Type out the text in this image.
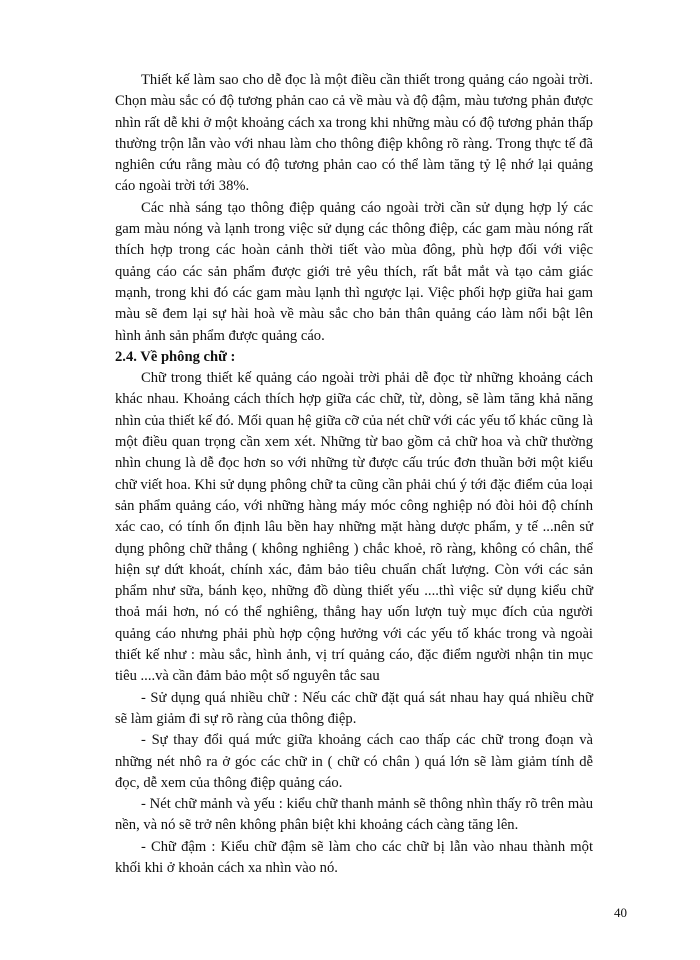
Thiết kế làm sao cho dễ đọc là một điều cần thiết trong quảng cáo ngoài trời. Chọn màu sắc có độ tương phản cao cả về màu và độ đậm, màu tương phản được nhìn rất dễ khi ở một khoảng cách xa trong khi những màu có độ tương phản thấp thường trộn lẫn vào với nhau làm cho thông điệp không rõ ràng. Trong thực tế đã nghiên cứu rằng màu có độ tương phản cao có thể làm tăng tỷ lệ nhớ lại quảng cáo ngoài trời tới 38%.

Các nhà sáng tạo thông điệp quảng cáo ngoài trời cần sử dụng hợp lý các gam màu nóng và lạnh trong việc sử dụng các thông điệp, các gam màu nóng rất thích hợp trong các hoàn cảnh thời tiết vào mùa đông, phù hợp đối với việc quảng cáo các sản phẩm được giới trẻ yêu thích, rất bắt mắt và tạo cảm giác mạnh, trong khi đó các gam màu lạnh thì ngược lại. Việc phối hợp giữa hai gam màu sẽ đem lại sự hài hoà về màu sắc cho bản thân quảng cáo làm nổi bật lên hình ảnh sản phẩm được quảng cáo.

2.4. Về phông chữ :

Chữ trong thiết kế quảng cáo ngoài trời phải dễ đọc từ những khoảng cách khác nhau. Khoảng cách thích hợp giữa các chữ, từ, dòng, sẽ làm tăng khả năng nhìn của thiết kế đó. Mối quan hệ giữa cỡ của nét chữ với các yếu tố khác cũng là một điều quan trọng cần xem xét. Những từ bao gồm cả chữ hoa và chữ thường nhìn chung là dễ đọc hơn so với những từ được cấu trúc đơn thuần bởi một kiểu chữ viết hoa. Khi sử dụng phông chữ ta cũng cần phải chú ý tới đặc điểm của loại sản phẩm quảng cáo, với những hàng máy móc công nghiệp nó đòi hỏi độ chính xác cao, có tính ổn định lâu bền hay những mặt hàng dược phẩm, y tế ...nên sử dụng phông chữ thẳng ( không nghiêng ) chắc khoẻ, rõ ràng, không có chân, thể hiện sự dứt khoát, chính xác, đảm bảo tiêu chuẩn chất lượng. Còn với các sản phẩm như sữa, bánh kẹo, những đồ dùng thiết yếu ....thì việc sử dụng kiểu chữ thoả mái hơn, nó có thể nghiêng, thẳng hay uốn lượn tuỳ mục đích của người quảng cáo nhưng phải phù hợp cộng hưởng với các yếu tố khác trong và ngoài thiết kế như : màu sắc, hình ảnh, vị trí quảng cáo, đặc điểm người nhận tin mục tiêu ....và cần đảm bảo một số nguyên tắc sau

- Sử dụng quá nhiều chữ : Nếu các chữ đặt quá sát nhau hay quá nhiều chữ sẽ làm giảm đi sự rõ ràng của thông điệp.

- Sự thay đổi quá mức giữa khoảng cách cao thấp các chữ trong đoạn và những nét nhô ra ở góc các chữ in ( chữ có chân ) quá lớn sẽ làm giảm tính dễ đọc, dễ xem của thông điệp quảng cáo.

- Nét chữ mảnh và yếu : kiểu chữ thanh mảnh sẽ thông nhìn thấy rõ trên màu nền, và nó sẽ trở nên không phân biệt khi khoảng cách càng tăng lên.

- Chữ đậm : Kiểu chữ đậm sẽ làm cho các chữ bị lẫn vào nhau thành một khối khi ở khoản cách xa nhìn vào nó.

40
